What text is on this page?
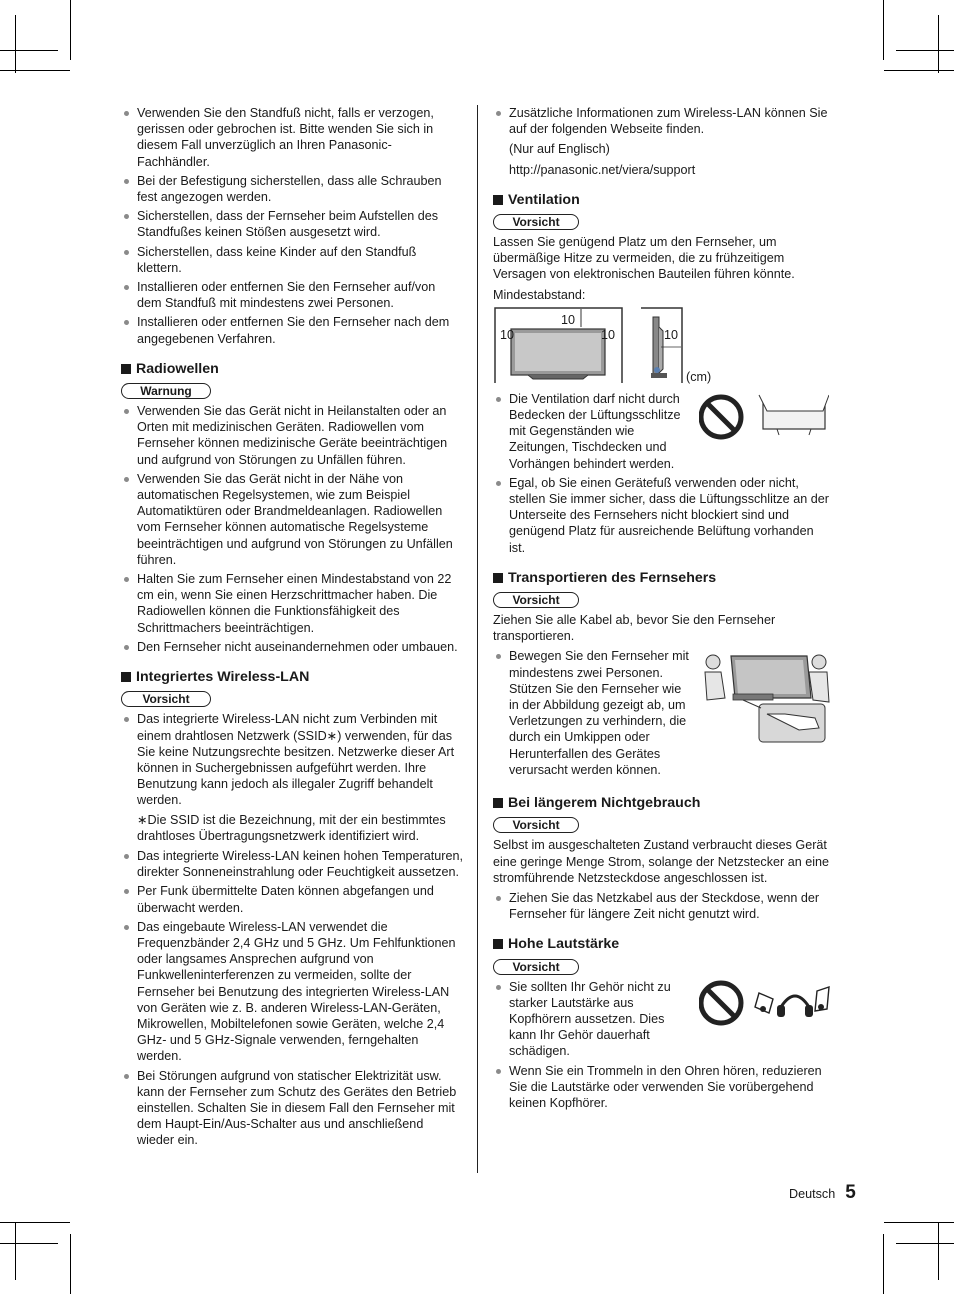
Verwenden Sie den Standfuß nicht, falls er verzogen, gerissen oder gebrochen ist. Bitte wenden Sie sich in diesem Fall unverzüglich an Ihren Panasonic-Fachhändler.
Bei der Befestigung sicherstellen, dass alle Schrauben fest angezogen werden.
Sicherstellen, dass der Fernseher beim Aufstellen des Standfußes keinen Stößen ausgesetzt wird.
Sicherstellen, dass keine Kinder auf den Standfuß klettern.
Installieren oder entfernen Sie den Fernseher auf/von dem Standfuß mit mindestens zwei Personen.
Installieren oder entfernen Sie den Fernseher nach dem angegebenen Verfahren.
Radiowellen
Warnung
Verwenden Sie das Gerät nicht in Heilanstalten oder an Orten mit medizinischen Geräten. Radiowellen vom Fernseher können medizinische Geräte beeinträchtigen und aufgrund von Störungen zu Unfällen führen.
Verwenden Sie das Gerät nicht in der Nähe von automatischen Regelsystemen, wie zum Beispiel Automatiktüren oder Brandmeldeanlagen. Radiowellen vom Fernseher können automatische Regelsysteme beeinträchtigen und aufgrund von Störungen zu Unfällen führen.
Halten Sie zum Fernseher einen Mindestabstand von 22 cm ein, wenn Sie einen Herzschrittmacher haben. Die Radiowellen können die Funktionsfähigkeit des Schrittmachers beeinträchtigen.
Den Fernseher nicht auseinandernehmen oder umbauen.
Integriertes Wireless-LAN
Vorsicht
Das integrierte Wireless-LAN nicht zum Verbinden mit einem drahtlosen Netzwerk (SSID∗) verwenden, für das Sie keine Nutzungsrechte besitzen. Netzwerke dieser Art können in Suchergebnissen aufgeführt werden. Ihre Benutzung kann jedoch als illegaler Zugriff behandelt werden.

∗Die SSID ist die Bezeichnung, mit der ein bestimmtes drahtloses Übertragungsnetzwerk identifiziert wird.

Das integrierte Wireless-LAN keinen hohen Temperaturen, direkter Sonneneinstrahlung oder Feuchtigkeit aussetzen.
Per Funk übermittelte Daten können abgefangen und überwacht werden.
Das eingebaute Wireless-LAN verwendet die Frequenzbänder 2,4 GHz und 5 GHz. Um Fehlfunktionen oder langsames Ansprechen aufgrund von Funkwelleninterferenzen zu vermeiden, sollte der Fernseher bei Benutzung des integrierten Wireless-LAN von Geräten wie z. B. anderen Wireless-LAN-Geräten, Mikrowellen, Mobiltelefonen sowie Geräten, welche 2,4 GHz- und 5 GHz-Signale verwenden, ferngehalten werden.
Bei Störungen aufgrund von statischer Elektrizität usw. kann der Fernseher zum Schutz des Gerätes den Betrieb einstellen. Schalten Sie in diesem Fall den Fernseher mit dem Haupt-Ein/Aus-Schalter aus und anschließend wieder ein.
Zusätzliche Informationen zum Wireless-LAN können Sie auf der folgenden Webseite finden.

(Nur auf Englisch)

http://panasonic.net/viera/support

Ventilation
Vorsicht

Lassen Sie genügend Platz um den Fernseher, um übermäßige Hitze zu vermeiden, die zu frühzeitigem Versagen von elektronischen Bauteilen führen könnte.

Mindestabstand:

10
10	10	10
(cm)
Die Ventilation darf nicht durch Bedecken der Lüftungsschlitze mit Gegenständen wie Zeitungen, Tischdecken und Vorhängen behindert werden.
Egal, ob Sie einen Gerätefuß verwenden oder nicht, stellen Sie immer sicher, dass die Lüftungsschlitze an der Unterseite des Fernsehers nicht blockiert sind und genügend Platz für ausreichende Belüftung vorhanden ist.
Transportieren des Fernsehers
Vorsicht

Ziehen Sie alle Kabel ab, bevor Sie den Fernseher transportieren.

Bewegen Sie den Fernseher mit mindestens zwei Personen. Stützen Sie den Fernseher wie in der Abbildung gezeigt ab, um Verletzungen zu verhindern, die durch ein Umkippen oder Herunterfallen des Gerätes verursacht werden können.
Bei längerem Nichtgebrauch
Vorsicht

Selbst im ausgeschalteten Zustand verbraucht dieses Gerät eine geringe Menge Strom, solange der Netzstecker an eine stromführende Netzsteckdose angeschlossen ist.

Ziehen Sie das Netzkabel aus der Steckdose, wenn der Fernseher für längere Zeit nicht genutzt wird.
Hohe Lautstärke
Vorsicht
Sie sollten Ihr Gehör nicht zu starker Lautstärke aus Kopfhörern aussetzen. Dies kann Ihr Gehör dauerhaft schädigen.
Wenn Sie ein Trommeln in den Ohren hören, reduzieren Sie die Lautstärke oder verwenden Sie vorübergehend keinen Kopfhörer.
Deutsch 5
